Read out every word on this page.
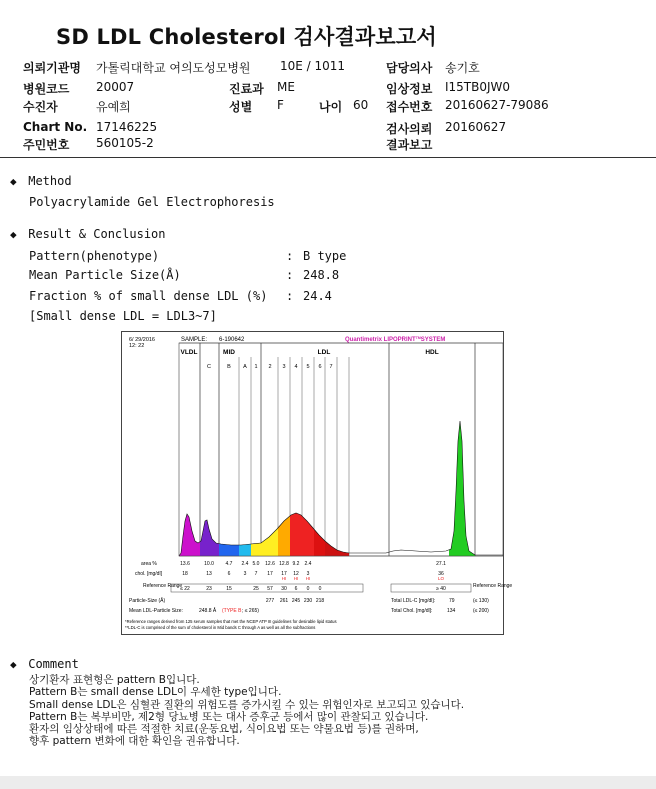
SD LDL Cholesterol 검사결과보고서
의뢰기관명 가톨릭대학교 여의도성모병원 10E / 1011	담당의사 송기호
병원코드 20007	진료과 ME	임상정보 I15TB0JW0
수진자	유예희	성별 F	나이 60 접수번호 20160627-79086
Chart No. 17146225	검사의뢰 20160627
주민번호 560105-2	결과보고
◆ Method
Polyacrylamide Gel Electrophoresis
◆ Result & Conclusion
Pattern(phenotype)	: B type
Mean Particle Size(Å)	: 248.8
Fraction % of small dense LDL (%) : 24.4
[Small dense LDL = LDL3~7]
6/ 29/2016
12: 22
SAMPLE: 6-190642	Quantimetrix LIPOPRINT™SYSTEM
VLDL	MID	LDL	HDL
C	B A 1 2 3 4 5 6 7
area %
chol. [mg/dl]
13.6	10.0 4.7 2.4 5.0 12.6 12.8 9.2 2.4	27.1
18	13	6	3 7 17 17 12 3	36
HI HI HI	LO
Reference Range
≤ 22	23	15	25 57 30 6 0 0	≥ 40	Reference Range
Particle-Size (Å)	277 261 245 230 218
Mean LDL-Particle Size:	248.8 Å (TYPE B ; ≤ 265)
Total LDL-C [mg/dl]:	79	(≤ 130)
Total Chol. [mg/dl]:	134	(≤ 200)
*Reference ranges derived from 125 serum samples that met the NCEP ATP III guidelines for desirable lipid status
**LDL-C is comprised of the sum of cholesterol in Mid bands C through A as well as all the subfractions
◆ Comment
상기환자 표현형은 pattern B입니다.
Pattern B는 small dense LDL이 우세한 type입니다.
Small dense LDL은 심혈관 질환의 위험도를 증가시킬 수 있는 위험인자로 보고되고 있습니다.
Pattern B는 복부비만, 제2형 당뇨병 또는 대사 증후군 등에서 많이 관찰되고 있습니다.
환자의 임상상태에 따른 적절한 치료(운동요법, 식이요법 또는 약물요법 등)를 권하며,
향후 pattern 변화에 대한 확인을 권유합니다.
